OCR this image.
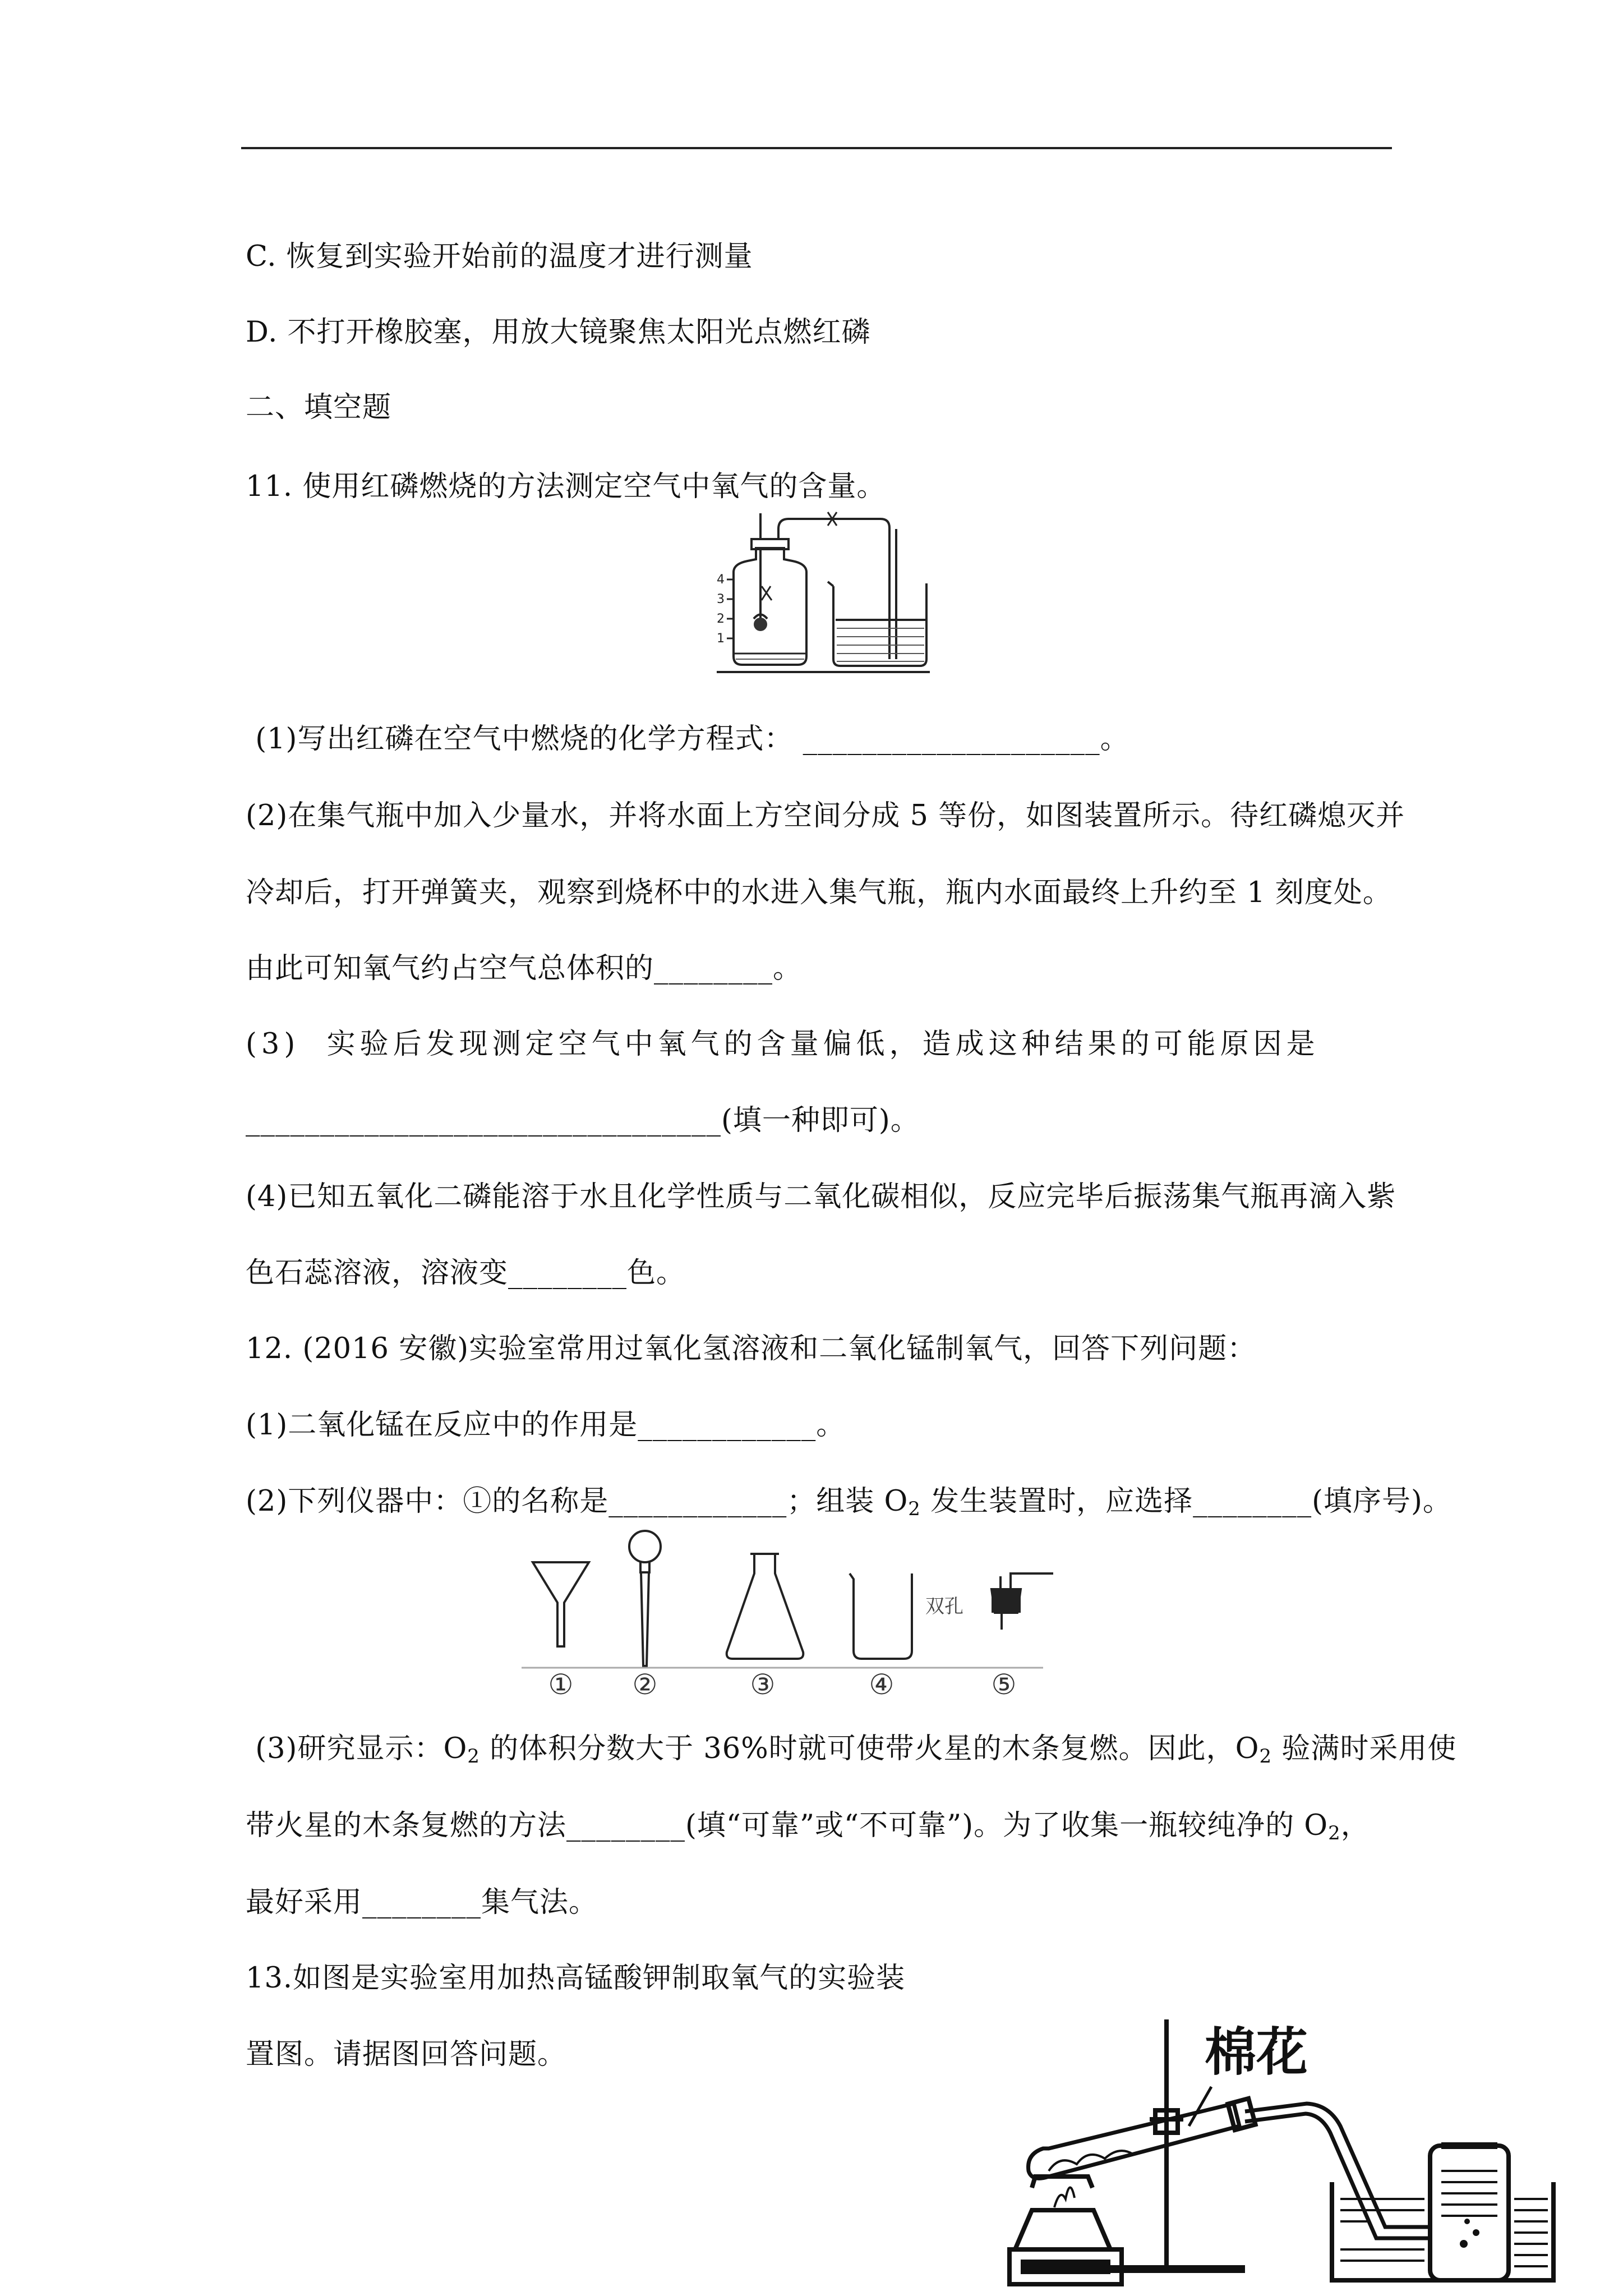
C. 恢复到实验开始前的温度才进行测量
D. 不打开橡胶塞，用放大镜聚焦太阳光点燃红磷
二、填空题
11. 使用红磷燃烧的方法测定空气中氧气的含量。
4
3
2
1
(1)写出红磷在空气中燃烧的化学方程式： ____________________。
(2)在集气瓶中加入少量水，并将水面上方空间分成 5 等份，如图装置所示。待红磷熄灭并
冷却后，打开弹簧夹，观察到烧杯中的水进入集气瓶，瓶内水面最终上升约至 1 刻度处。
由此可知氧气约占空气总体积的________。
(3)  实验后发现测定空气中氧气的含量偏低，造成这种结果的可能原因是
________________________________(填一种即可)。
(4)已知五氧化二磷能溶于水且化学性质与二氧化碳相似，反应完毕后振荡集气瓶再滴入紫
色石蕊溶液，溶液变________色。
12. (2016 安徽)实验室常用过氧化氢溶液和二氧化锰制氧气，回答下列问题：
(1)二氧化锰在反应中的作用是____________。
(2)下列仪器中：①的名称是____________；组装 $O_2$ 发生装置时，应选择________(填序号)。
双孔
① ②	③	④	⑤
(3)研究显示：$O_2$ 的体积分数大于 36%时就可使带火星的木条复燃。因此，$O_2$ 验满时采用使
带火星的木条复燃的方法________(填“可靠”或“不可靠”)。为了收集一瓶较纯净的 $O_2$，
最好采用________集气法。
13.如图是实验室用加热高锰酸钾制取氧气的实验装
置图。请据图回答问题。	棉花
